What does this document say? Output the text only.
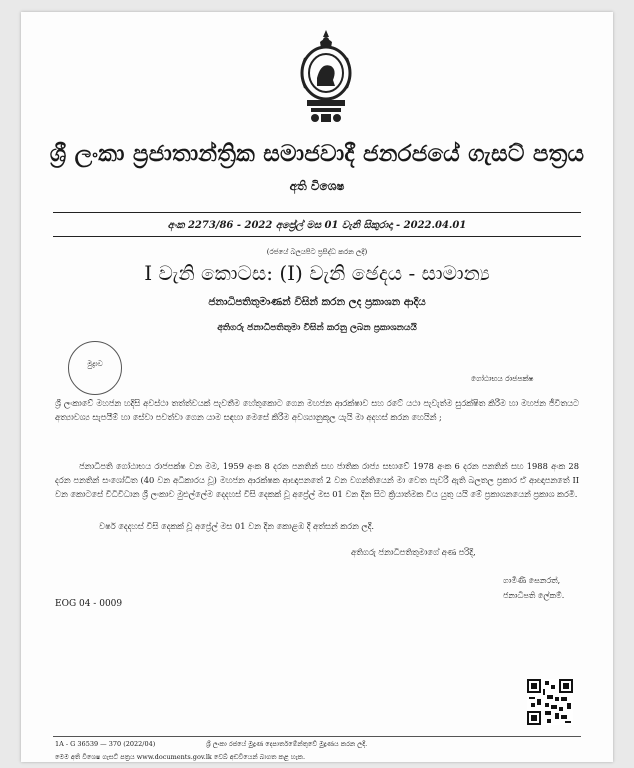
ශ්‍රී ලංකා ප්‍රජාතාන්ත්‍රික සමාජවාදී ජනරජයේ ගැසට් පත්‍රය
අති විශෙෂ
අංක 2273/86 - 2022 අප්‍රේල් මස 01 වැනි සිකුරාදා - 2022.04.01
(රජයේ බලයපිට ප්‍රසිද්ධ කරන ලදී)
I වැනි කොටස: (I) වැනි ඡෙදය - සාමාන්‍ය
ජනාධිපතිතුමාණන් විසින් කරන ලද ප්‍රකාශන ආදිය
අතිගරු ජනාධිපතිතුමා විසින් කරනු ලබන ප්‍රකාශනයයි
මුද්‍රාව
ගෝඨාභය රාජපක්ෂ
ශ්‍රී ලංකාවේ මහජන හදිසි අවස්ථා තත්ත්වයක් පැවතීම හේතුකොට ගෙන මහජන ආරක්ෂාව සහ රටේ යථා පැවැත්ම සුරක්ෂිත කිරීම හා මහජන ජීවිතයට අත්‍යාවශ්‍ය සැපයීම් හා සේවා පවත්වා ගෙන යාම සඳහා මෙසේ කිරීම අවශ්‍යානුකූල යැයි මා අදහස් කරන හෙයින් ;
ජනාධිපති ගෝඨාභය රාජපක්ෂ වන මම, 1959 අංක 8 දරන පනතින් සහ ජාතික රාජ්‍ය සභාවේ 1978 අංක 6 දරන පනතින් සහ 1988 අංක 28 දරන පනතින් සංශෝධිත (40 වන අධිකාරය වූ) මහජන ආරක්ෂක ආඥාපනතේ 2 වන වගන්තියෙන් මා වෙත පැවරී ඇති බලතල ප්‍රකාර ඒ ආඥාපනතේ II වන කොටසේ විධිවිධාන ශ්‍රී ලංකාව මුළුල්ලේම දෙදහස් විසි දෙකක් වූ අප්‍රේල් මස 01 වන දින සිට ක්‍රියාත්මක විය යුතු යයි මේ ප්‍රකාශනයෙන් ප්‍රකාශ කරමි.
වර්ෂ දෙදහස් විසි දෙකක් වූ අප්‍රේල් මස 01 වන දින කොළඹ දී අත්සන් කරන ලදී.
අතිගරු ජනාධිපතිතුමාගේ අණ පරිදි,
ගාමිණී සෙනරත්,
ජනාධිපති ලේකම්.
EOG 04 - 0009
1A - G 36539 — 370 (2022/04)	ශ්‍රී ලංකා රජයේ මුද්‍රණ දෙපාර්තමේන්තුවේ මුද්‍රණය කරන ලදී.
මෙම අති විශෙෂ ගැසට් පත්‍රය www.documents.gov.lk වෙබ් අඩවියෙන් බාගත කළ හැක.
